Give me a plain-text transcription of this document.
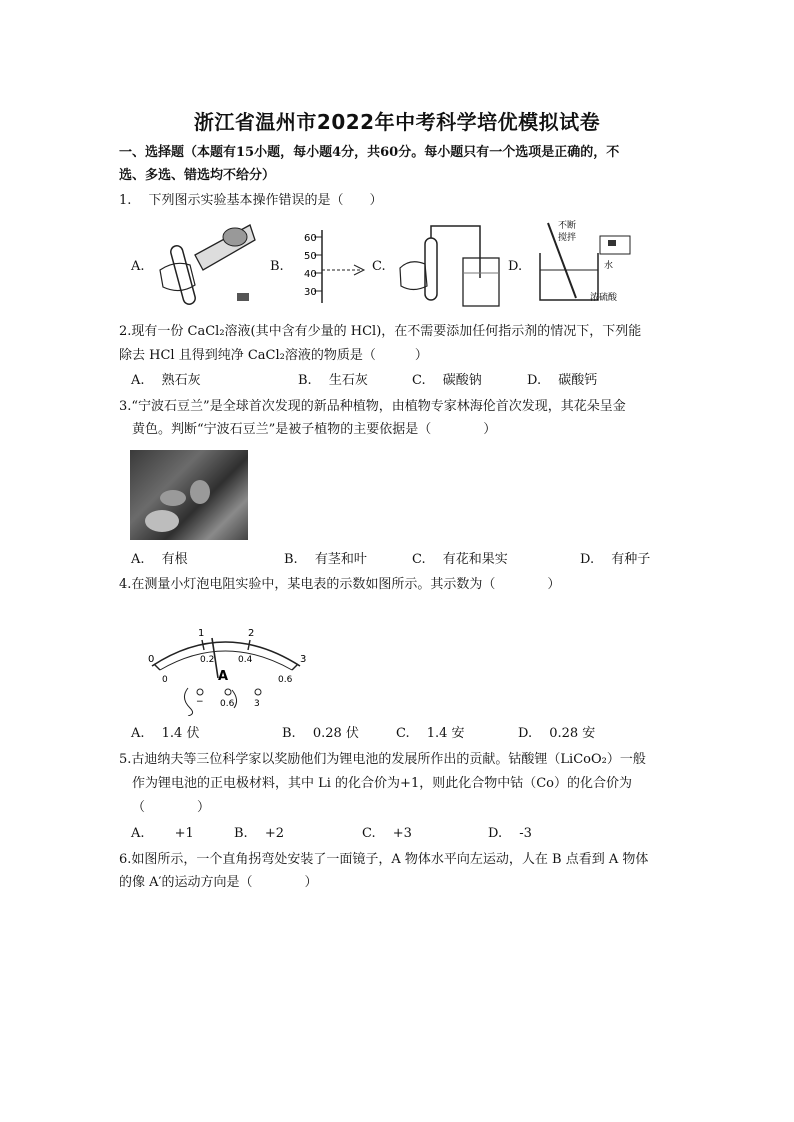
浙江省温州市2022年中考科学培优模拟试卷
一、选择题（本题有15小题，每小题4分，共60分。每小题只有一个选项是正确的，不
选、多选、错选均不给分）
1.　 下列图示实验基本操作错误的是（　　）
A.	B.	C.	D.
60
50
40
30
不断
搅拌
水
浓硫酸
2.现有一份 CaCl₂溶液(其中含有少量的 HCl)，在不需要添加任何指示剂的情况下，下列能
除去 HCl 且得到纯净 CaCl₂溶液的物质是（　　　）
A.　 熟石灰	B.　 生石灰	C.　 碳酸钠	D.　 碳酸钙
3.“宁波石豆兰”是全球首次发现的新品种植物，由植物专家林海伦首次发现，其花朵呈金
黄色。判断“宁波石豆兰”是被子植物的主要依据是（　　　　）
A.　 有根	B.　 有茎和叶	C.　 有花和果实	D.　 有种子
4.在测量小灯泡电阻实验中，某电表的示数如图所示。其示数为（　　　　）
0
1	2
3
0
0.2	0.4
0.6
A
− 0.6 3
A.　 1.4 伏	B.　 0.28 伏	C.　 1.4 安	D.　 0.28 安
5.古迪纳夫等三位科学家以奖励他们为锂电池的发展所作出的贡献。钴酸锂（LiCoO₂）一般
作为锂电池的正电极材料，其中 Li 的化合价为+1，则此化合物中钴（Co）的化合价为
（　　　　）
A.　　 +1	B.　 +2	C.　 +3	D.　 -3
6.如图所示，一个直角拐弯处安装了一面镜子，A 物体水平向左运动，人在 B 点看到 A 物体
的像 A′的运动方向是（　　　　）
